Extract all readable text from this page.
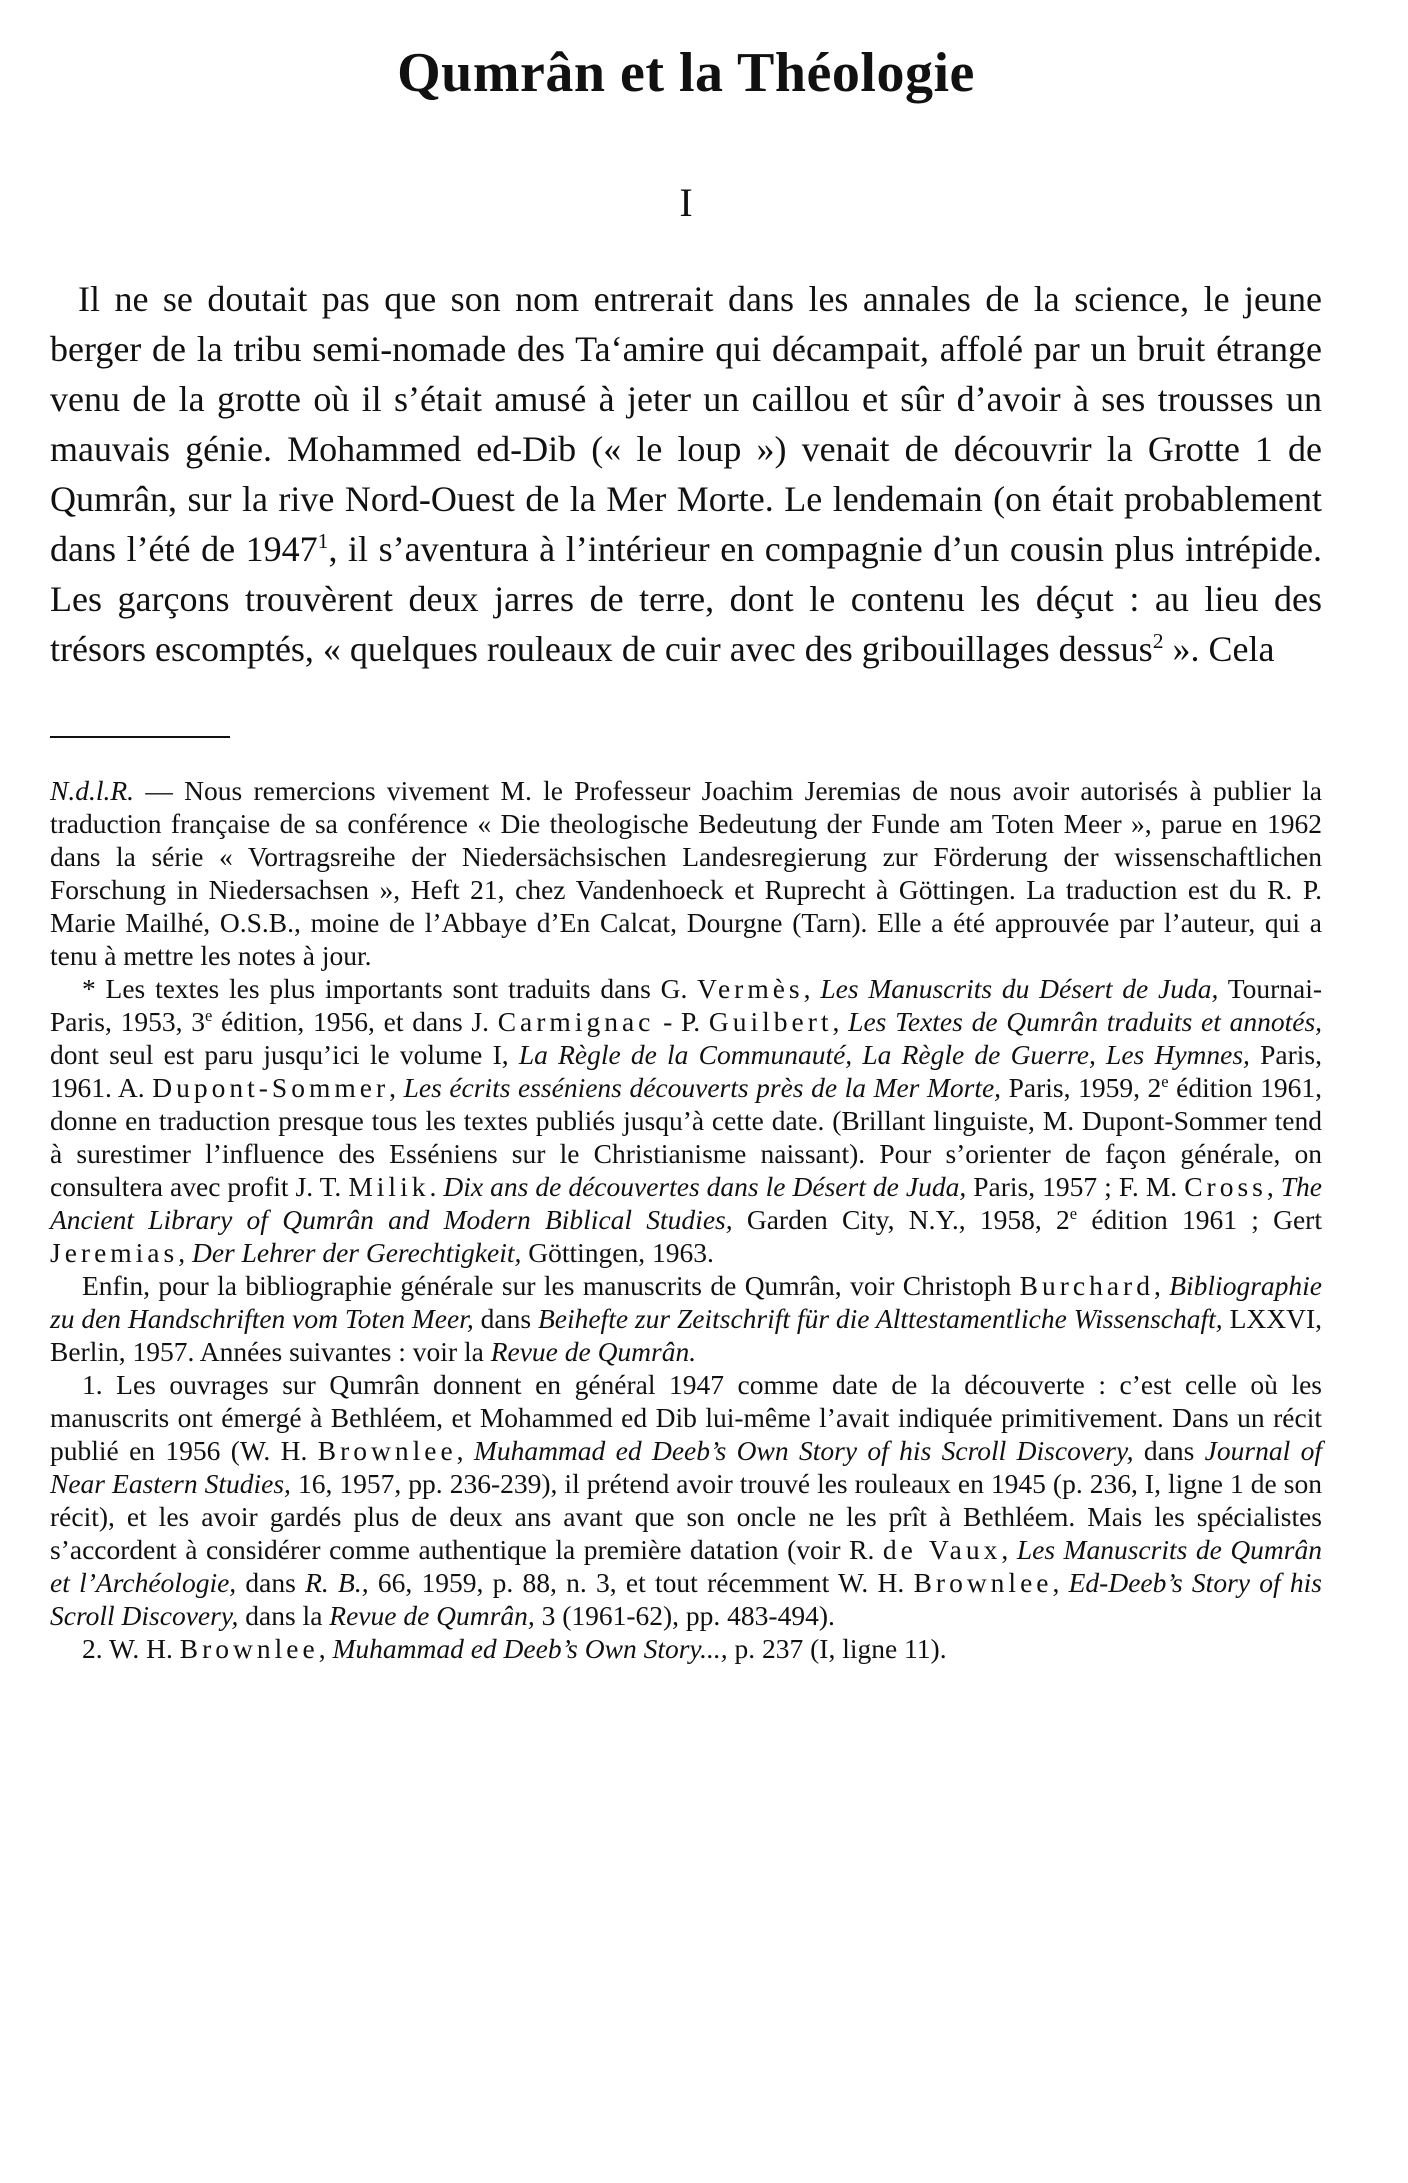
Qumrân et la Théologie
I

Il ne se doutait pas que son nom entrerait dans les annales de la science, le jeune berger de la tribu semi-nomade des Ta‘amire qui décampait, affolé par un bruit étrange venu de la grotte où il s’était amusé à jeter un caillou et sûr d’avoir à ses trousses un mauvais génie. Mohammed ed-Dib (« le loup ») venait de découvrir la Grotte 1 de Qumrân, sur la rive Nord-Ouest de la Mer Morte. Le lendemain (on était probablement dans l’été de 1947$^1$, il s’aventura à l’intérieur en compagnie d’un cousin plus intrépide. Les garçons trouvèrent deux jarres de terre, dont le contenu les déçut : au lieu des trésors escomptés, « quelques rouleaux de cuir avec des gribouillages dessus$^2$ ». Cela

N.d.l.R. — Nous remercions vivement M. le Professeur Joachim Jeremias de nous avoir autorisés à publier la traduction française de sa conférence « Die theologische Bedeutung der Funde am Toten Meer », parue en 1962 dans la série « Vortragsreihe der Niedersächsischen Landesregierung zur Förderung der wissenschaftlichen Forschung in Niedersachsen », Heft 21, chez Vandenhoeck et Ruprecht à Göttingen. La traduction est du R. P. Marie Mailhé, O.S.B., moine de l’Abbaye d’En Calcat, Dourgne (Tarn). Elle a été approuvée par l’auteur, qui a tenu à mettre les notes à jour.

* Les textes les plus importants sont traduits dans G. Vermès, Les Manuscrits du Désert de Juda, Tournai-Paris, 1953, 3e édition, 1956, et dans J. Carmignac - P. Guilbert, Les Textes de Qumrân traduits et annotés, dont seul est paru jusqu’ici le volume I, La Règle de la Communauté, La Règle de Guerre, Les Hymnes, Paris, 1961. A. Dupont-Sommer, Les écrits esséniens découverts près de la Mer Morte, Paris, 1959, 2e édition 1961, donne en traduction presque tous les textes publiés jusqu’à cette date. (Brillant linguiste, M. Dupont-Sommer tend à surestimer l’influence des Esséniens sur le Christianisme naissant). Pour s’orienter de façon générale, on consultera avec profit J. T. Milik. Dix ans de découvertes dans le Désert de Juda, Paris, 1957 ; F. M. Cross, The Ancient Library of Qumrân and Modern Biblical Studies, Garden City, N.Y., 1958, 2e édition 1961 ; Gert Jeremias, Der Lehrer der Gerechtigkeit, Göttingen, 1963.

Enfin, pour la bibliographie générale sur les manuscrits de Qumrân, voir Christoph Burchard, Bibliographie zu den Handschriften vom Toten Meer, dans Beihefte zur Zeitschrift für die Alttestamentliche Wissenschaft, LXXVI, Berlin, 1957. Années suivantes : voir la Revue de Qumrân.

1. Les ouvrages sur Qumrân donnent en général 1947 comme date de la découverte : c’est celle où les manuscrits ont émergé à Bethléem, et Mohammed ed Dib lui-même l’avait indiquée primitivement. Dans un récit publié en 1956 (W. H. Brownlee, Muhammad ed Deeb’s Own Story of his Scroll Discovery, dans Journal of Near Eastern Studies, 16, 1957, pp. 236-239), il prétend avoir trouvé les rouleaux en 1945 (p. 236, I, ligne 1 de son récit), et les avoir gardés plus de deux ans avant que son oncle ne les prît à Bethléem. Mais les spécialistes s’accordent à considérer comme authentique la première datation (voir R. de Vaux, Les Manuscrits de Qumrân et l’Archéologie, dans R. B., 66, 1959, p. 88, n. 3, et tout récemment W. H. Brownlee, Ed-Deeb’s Story of his Scroll Discovery, dans la Revue de Qumrân, 3 (1961-62), pp. 483-494).

2. W. H. Brownlee, Muhammad ed Deeb’s Own Story..., p. 237 (I, ligne 11).
